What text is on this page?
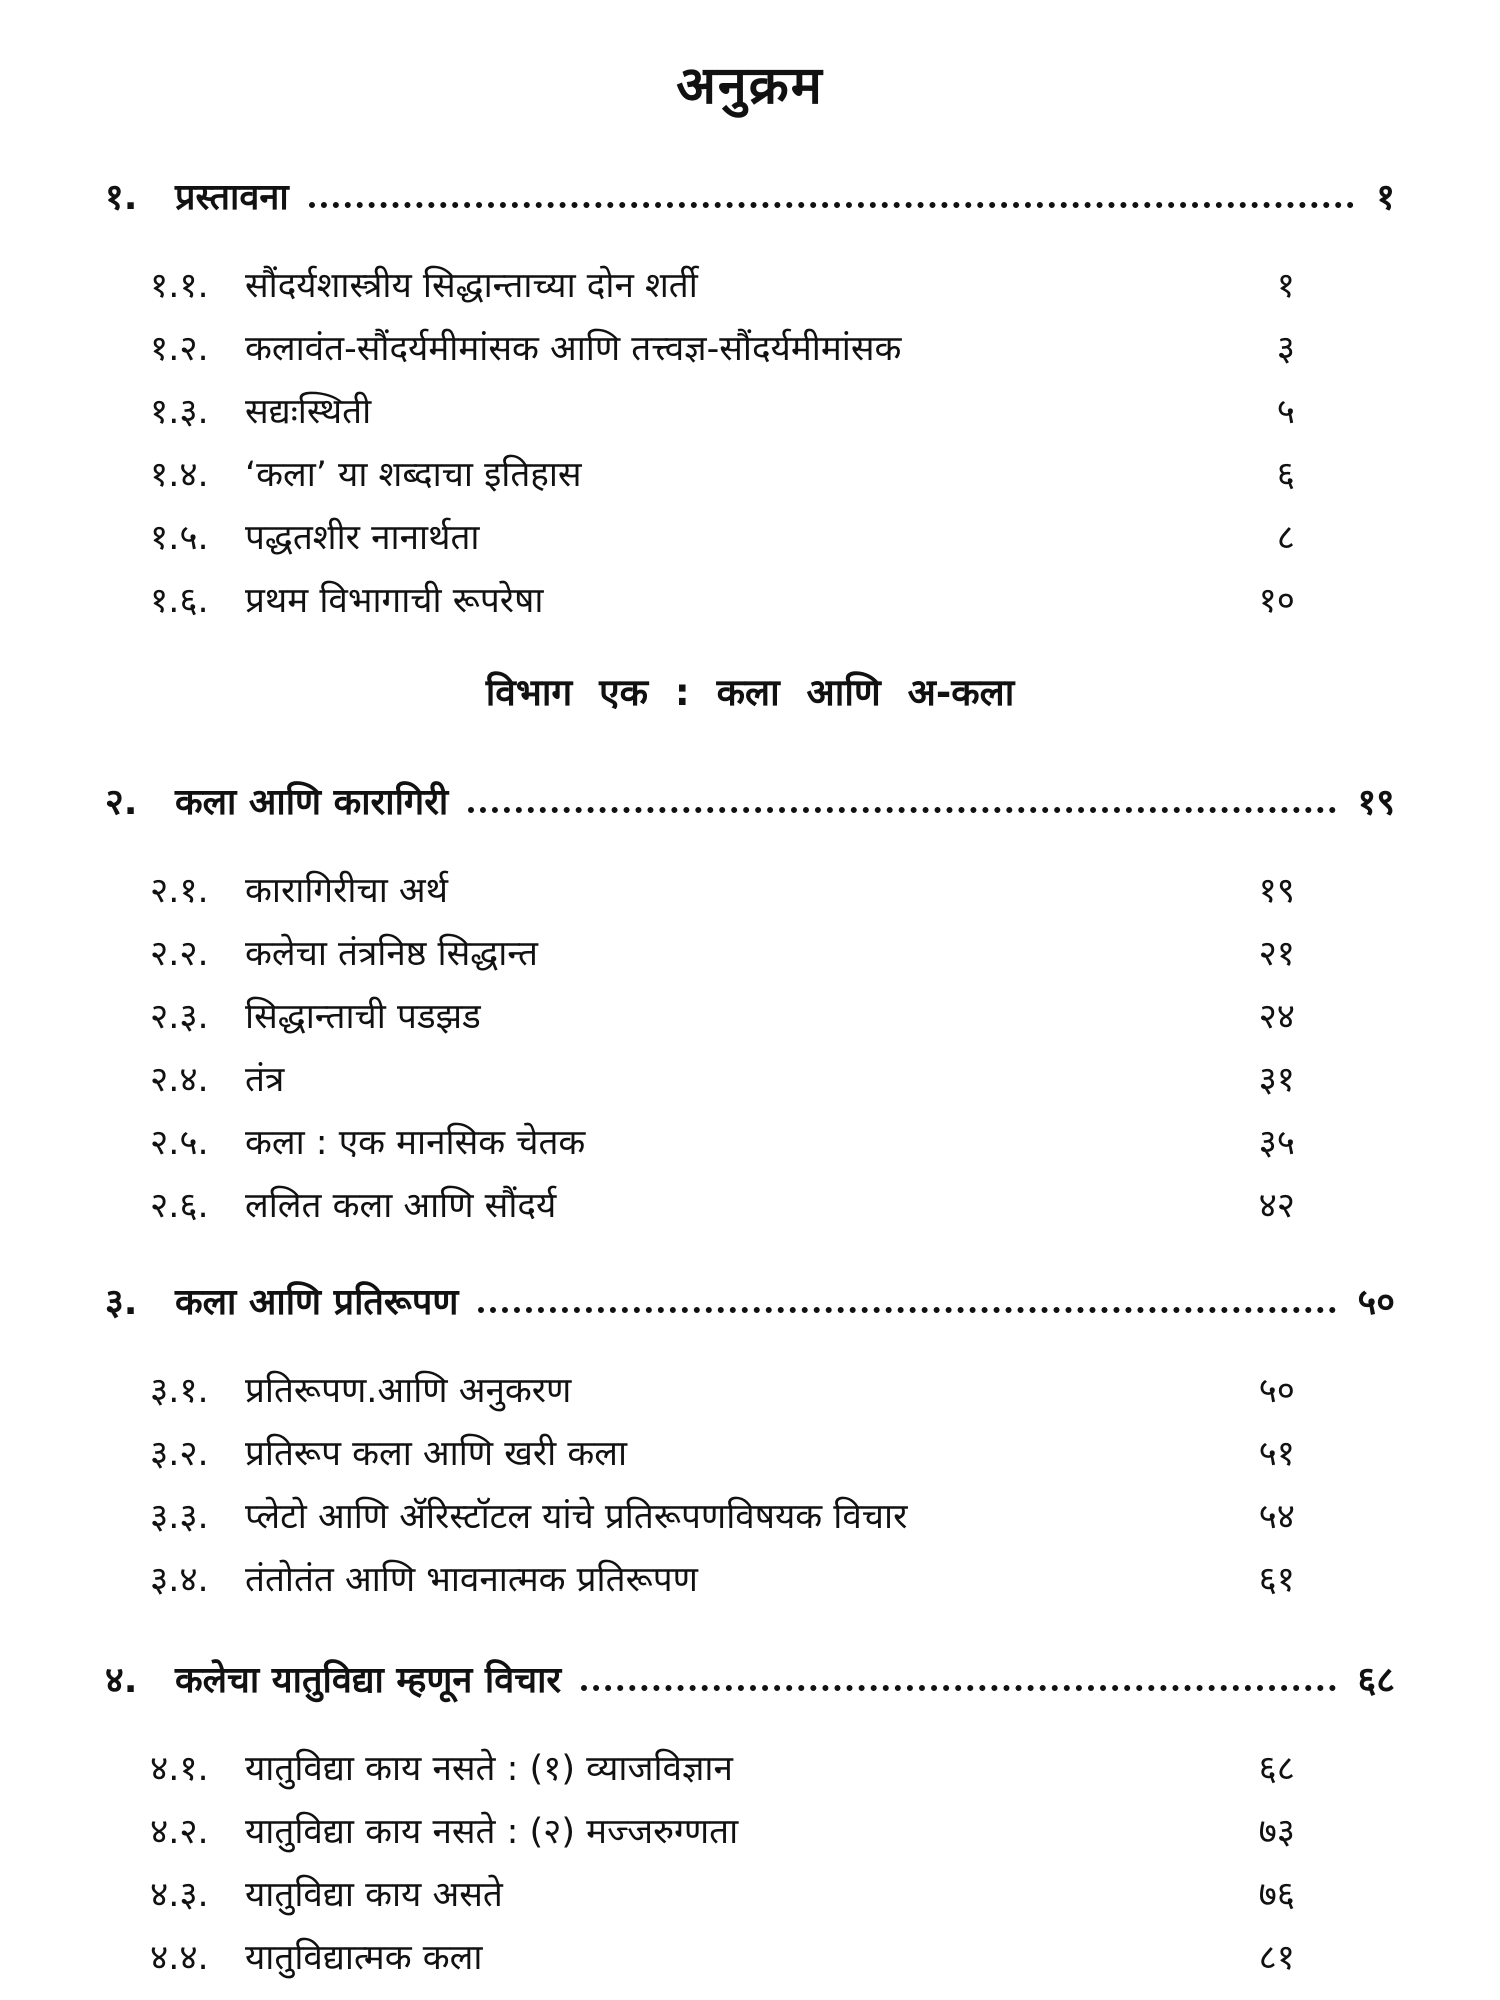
अनुक्रम
१.	प्रस्तावना	१
१.१.	सौंदर्यशास्त्रीय सिद्धान्ताच्या दोन शर्ती	१
१.२.	कलावंत-सौंदर्यमीमांसक आणि तत्त्वज्ञ-सौंदर्यमीमांसक	३
१.३.	सद्यःस्थिती	५
१.४.	‘कला’ या शब्दाचा इतिहास	६
१.५.	पद्धतशीर नानार्थता	८
१.६.	प्रथम विभागाची रूपरेषा	१०
विभाग एक : कला आणि अ-कला
२.	कला आणि कारागिरी	१९
२.१.	कारागिरीचा अर्थ	१९
२.२.	कलेचा तंत्रनिष्ठ सिद्धान्त	२१
२.३.	सिद्धान्ताची पडझड	२४
२.४.	तंत्र	३१
२.५.	कला : एक मानसिक चेतक	३५
२.६.	ललित कला आणि सौंदर्य	४२
३.	कला आणि प्रतिरूपण	५०
३.१.	प्रतिरूपण.आणि अनुकरण	५०
३.२.	प्रतिरूप कला आणि खरी कला	५१
३.३.	प्लेटो आणि ॲरिस्टॉटल यांचे प्रतिरूपणविषयक विचार	५४
३.४.	तंतोतंत आणि भावनात्मक प्रतिरूपण	६१
४.	कलेचा यातुविद्या म्हणून विचार	६८
४.१.	यातुविद्या काय नसते : (१) व्याजविज्ञान	६८
४.२.	यातुविद्या काय नसते : (२) मज्जरुग्णता	७३
४.३.	यातुविद्या काय असते	७६
४.४.	यातुविद्यात्मक कला	८१
